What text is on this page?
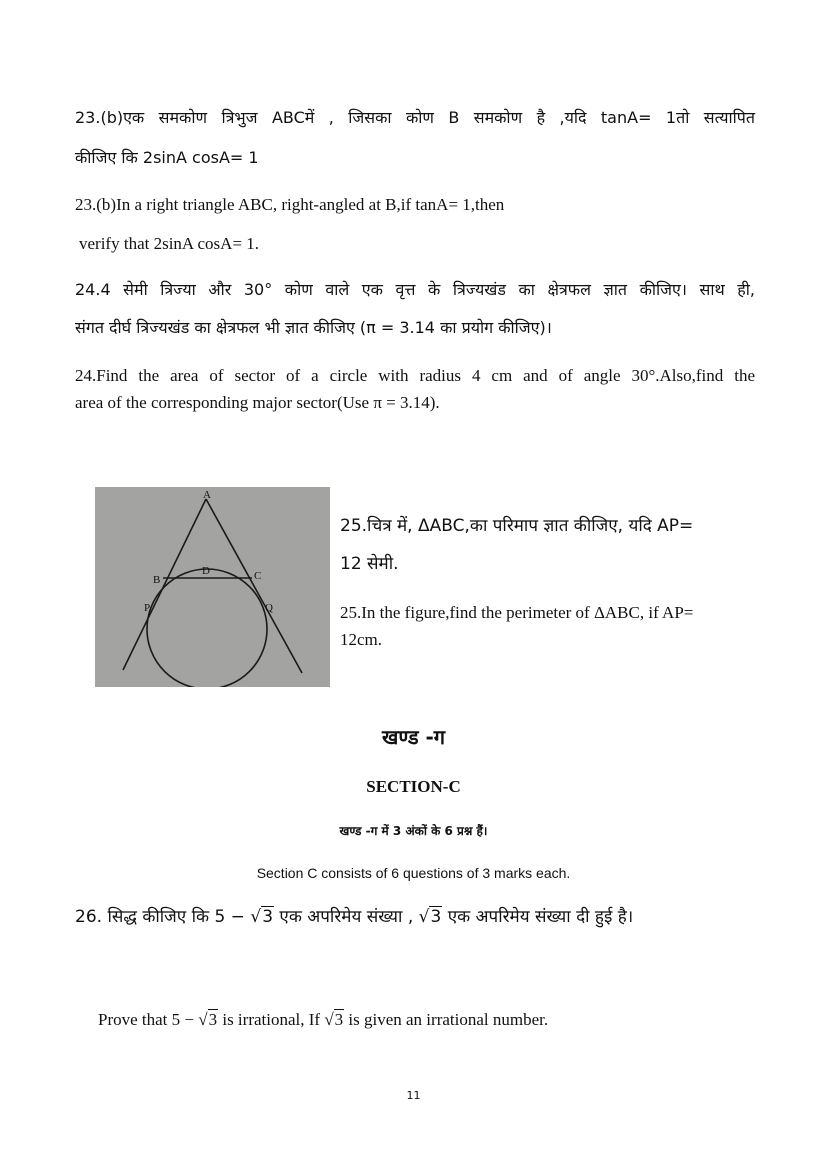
23.(b)एक समकोण त्रिभुज ABCमें , जिसका कोण B समकोण है ,यदि tanA= 1तो सत्यापित

कीजिए कि 2sinA cosA= 1

23.(b)In a right triangle ABC, right-angled at B,if tanA= 1,then

verify that 2sinA cosA= 1.

24.4 सेमी त्रिज्या और 30° कोण वाले एक वृत्त के त्रिज्यखंड का क्षेत्रफल ज्ञात कीजिए। साथ ही,

संगत दीर्घ त्रिज्यखंड का क्षेत्रफल भी ज्ञात कीजिए (π = 3.14 का प्रयोग कीजिए)।

24.Find the area of sector of a circle with radius 4 cm and of angle 30°.Also,find the

area of the corresponding major sector(Use π = 3.14).

A
B	C
D
P	Q

25.चित्र में, ΔABC,का परिमाप ज्ञात कीजिए, यदि AP=

12 सेमी.

25.In the figure,find the perimeter of ΔABC, if AP=

12cm.

खण्ड -ग

SECTION-C

खण्ड -ग में 3 अंकों के 6 प्रश्न हैं।

Section C consists of 6 questions of 3 marks each.

26. सिद्ध कीजिए कि 5 − √3 एक अपरिमेय संख्या , √3 एक अपरिमेय संख्या दी हुई है।

Prove that 5 − √3 is irrational, If √3 is given an irrational number.

11
